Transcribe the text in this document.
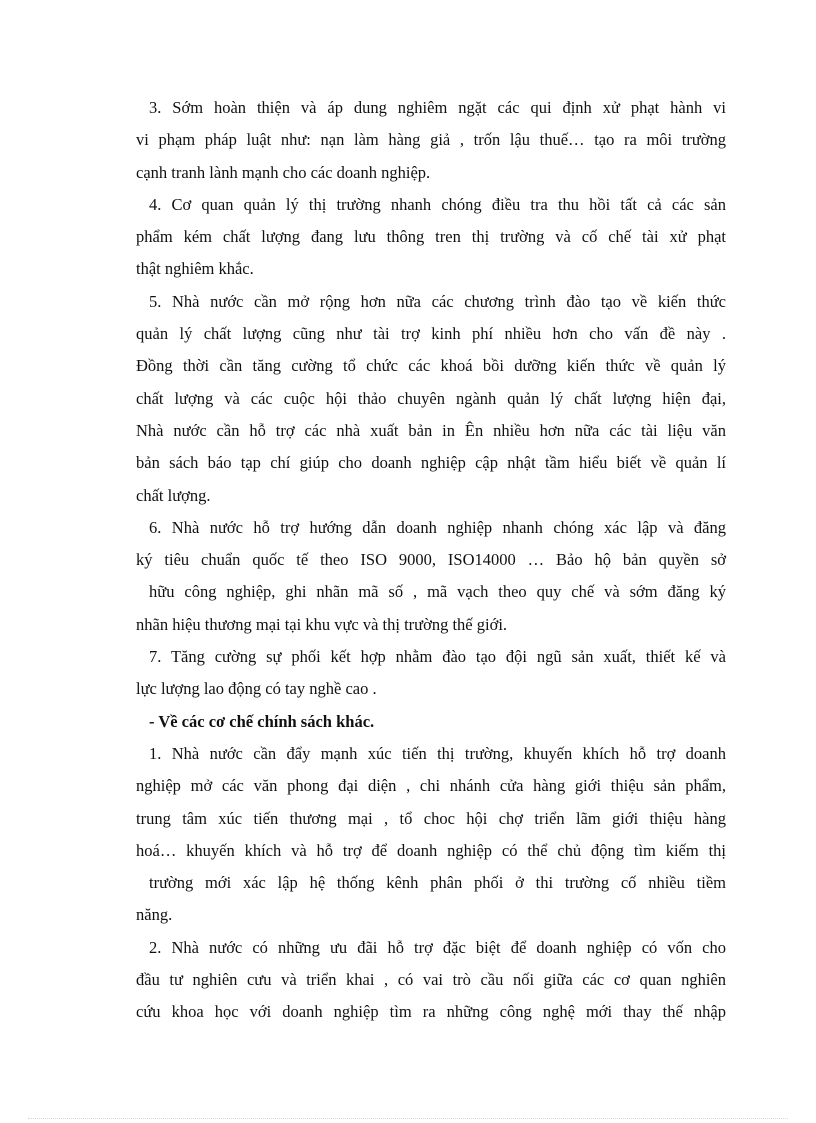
3. Sớm hoàn thiện và áp dung nghiêm ngặt các qui định xử phạt hành vi
vi phạm pháp luật như: nạn làm hàng giả , trốn lậu thuế… tạo ra môi trường
cạnh tranh lành mạnh cho các doanh nghiệp.
4. Cơ quan quản lý thị trường nhanh chóng điều tra thu hồi tất cả các sản
phẩm kém chất lượng đang lưu thông tren thị trường và cố chế tài xử phạt
thật nghiêm khắc.
5. Nhà nước cần mở rộng hơn nữa các chương trình đào tạo về kiến thức
quản lý chất lượng cũng như tài trợ kinh phí nhiều hơn cho vấn đề này .
Đồng thời cần tăng cường tổ chức các khoá bồi dưỡng kiến thức về quản lý
chất lượng và các cuộc hội thảo chuyên ngành quản lý chất lượng hiện đại,
Nhà nước cần hỗ trợ các nhà xuất bản in Ên nhiều hơn nữa các tài liệu văn
bản sách báo tạp chí giúp cho doanh nghiệp cập nhật tầm hiểu biết về quản lí
chất lượng.
6. Nhà nước hỗ trợ hướng dẫn doanh nghiệp nhanh chóng xác lập và đăng
ký tiêu chuẩn quốc tế theo ISO 9000, ISO14000 … Bảo hộ bản quyền sở
hữu công nghiệp, ghi nhãn mã số , mã vạch theo quy chế và sớm đăng ký
nhãn hiệu thương mại tại khu vực và thị trường thế giới.
7. Tăng cường sự phối kết hợp nhằm đào tạo đội ngũ sản xuất, thiết kế và
lực lượng lao động có tay nghề cao .
- Về các cơ chế chính sách khác.
1. Nhà nước cần đẩy mạnh xúc tiến thị trường, khuyến khích hỗ trợ doanh
nghiệp mở các văn phong đại diện , chi nhánh cửa hàng giới thiệu sản phẩm,
trung tâm xúc tiến thương mại , tổ choc hội chợ triển lãm giới thiệu hàng
hoá… khuyến khích và hỗ trợ để doanh nghiệp có thể chủ động tìm kiếm thị
trường mới xác lập hệ thống kênh phân phối ở thi trường cố nhiều tiềm
năng.
2. Nhà nước có những ưu đãi hỗ trợ đặc biệt để doanh nghiệp có vốn cho
đầu tư nghiên cưu và triển khai , có vai trò cầu nối giữa các cơ quan nghiên
cứu khoa học với doanh nghiệp tìm ra những công nghệ mới thay thế nhập
